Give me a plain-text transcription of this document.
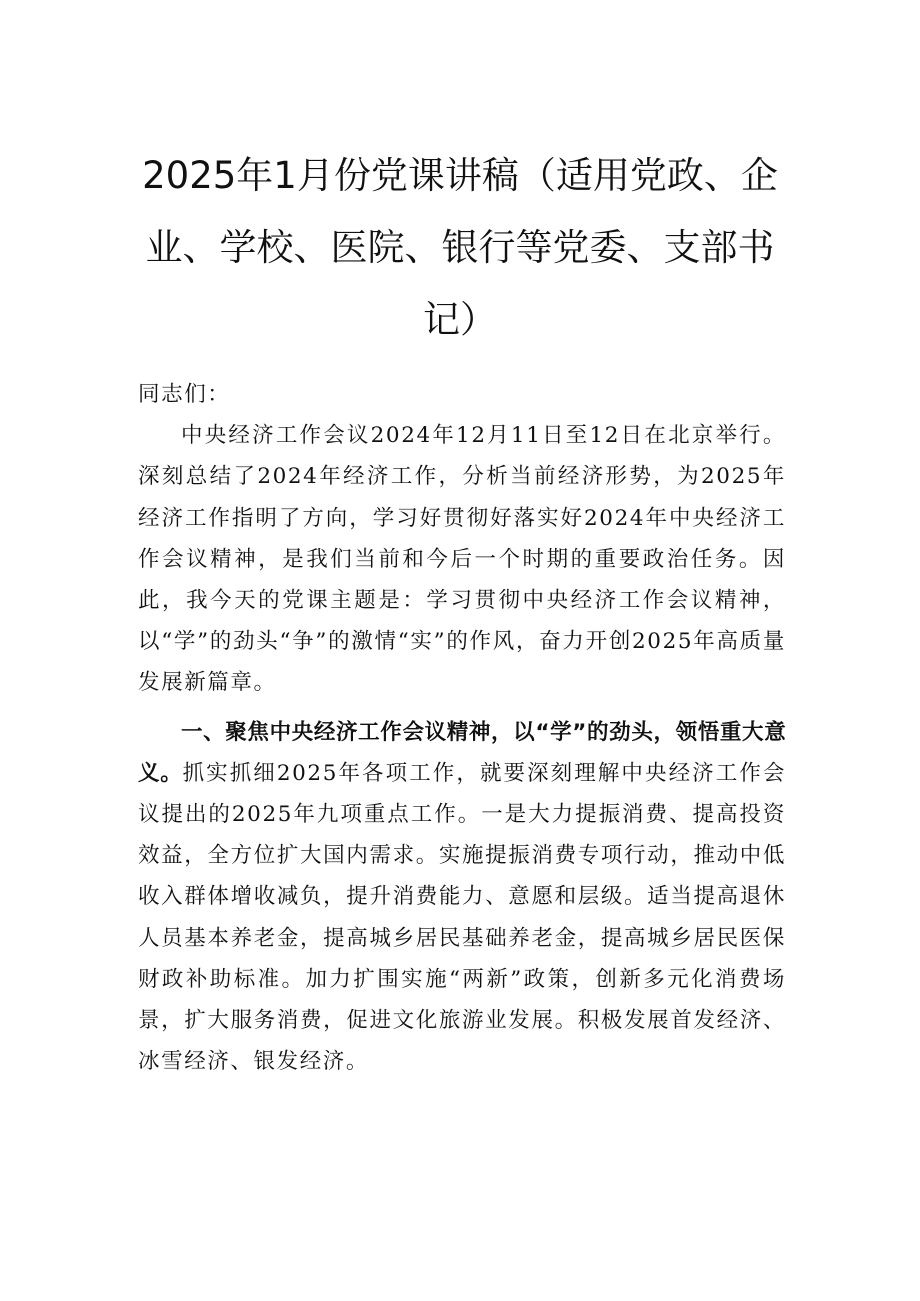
2025年1月份党课讲稿（适用党政、企业、学校、医院、银行等党委、支部书记）

同志们：

中央经济工作会议2024年12月11日至12日在北京举行。深刻总结了2024年经济工作，分析当前经济形势，为2025年经济工作指明了方向，学习好贯彻好落实好2024年中央经济工作会议精神，是我们当前和今后一个时期的重要政治任务。因此，我今天的党课主题是：学习贯彻中央经济工作会议精神，以“学”的劲头“争”的激情“实”的作风，奋力开创2025年高质量发展新篇章。

一、聚焦中央经济工作会议精神，以“学”的劲头，领悟重大意义。抓实抓细2025年各项工作，就要深刻理解中央经济工作会议提出的2025年九项重点工作。一是大力提振消费、提高投资效益，全方位扩大国内需求。实施提振消费专项行动，推动中低收入群体增收减负，提升消费能力、意愿和层级。适当提高退休人员基本养老金，提高城乡居民基础养老金，提高城乡居民医保财政补助标准。加力扩围实施“两新”政策，创新多元化消费场景，扩大服务消费，促进文化旅游业发展。积极发展首发经济、冰雪经济、银发经济。
